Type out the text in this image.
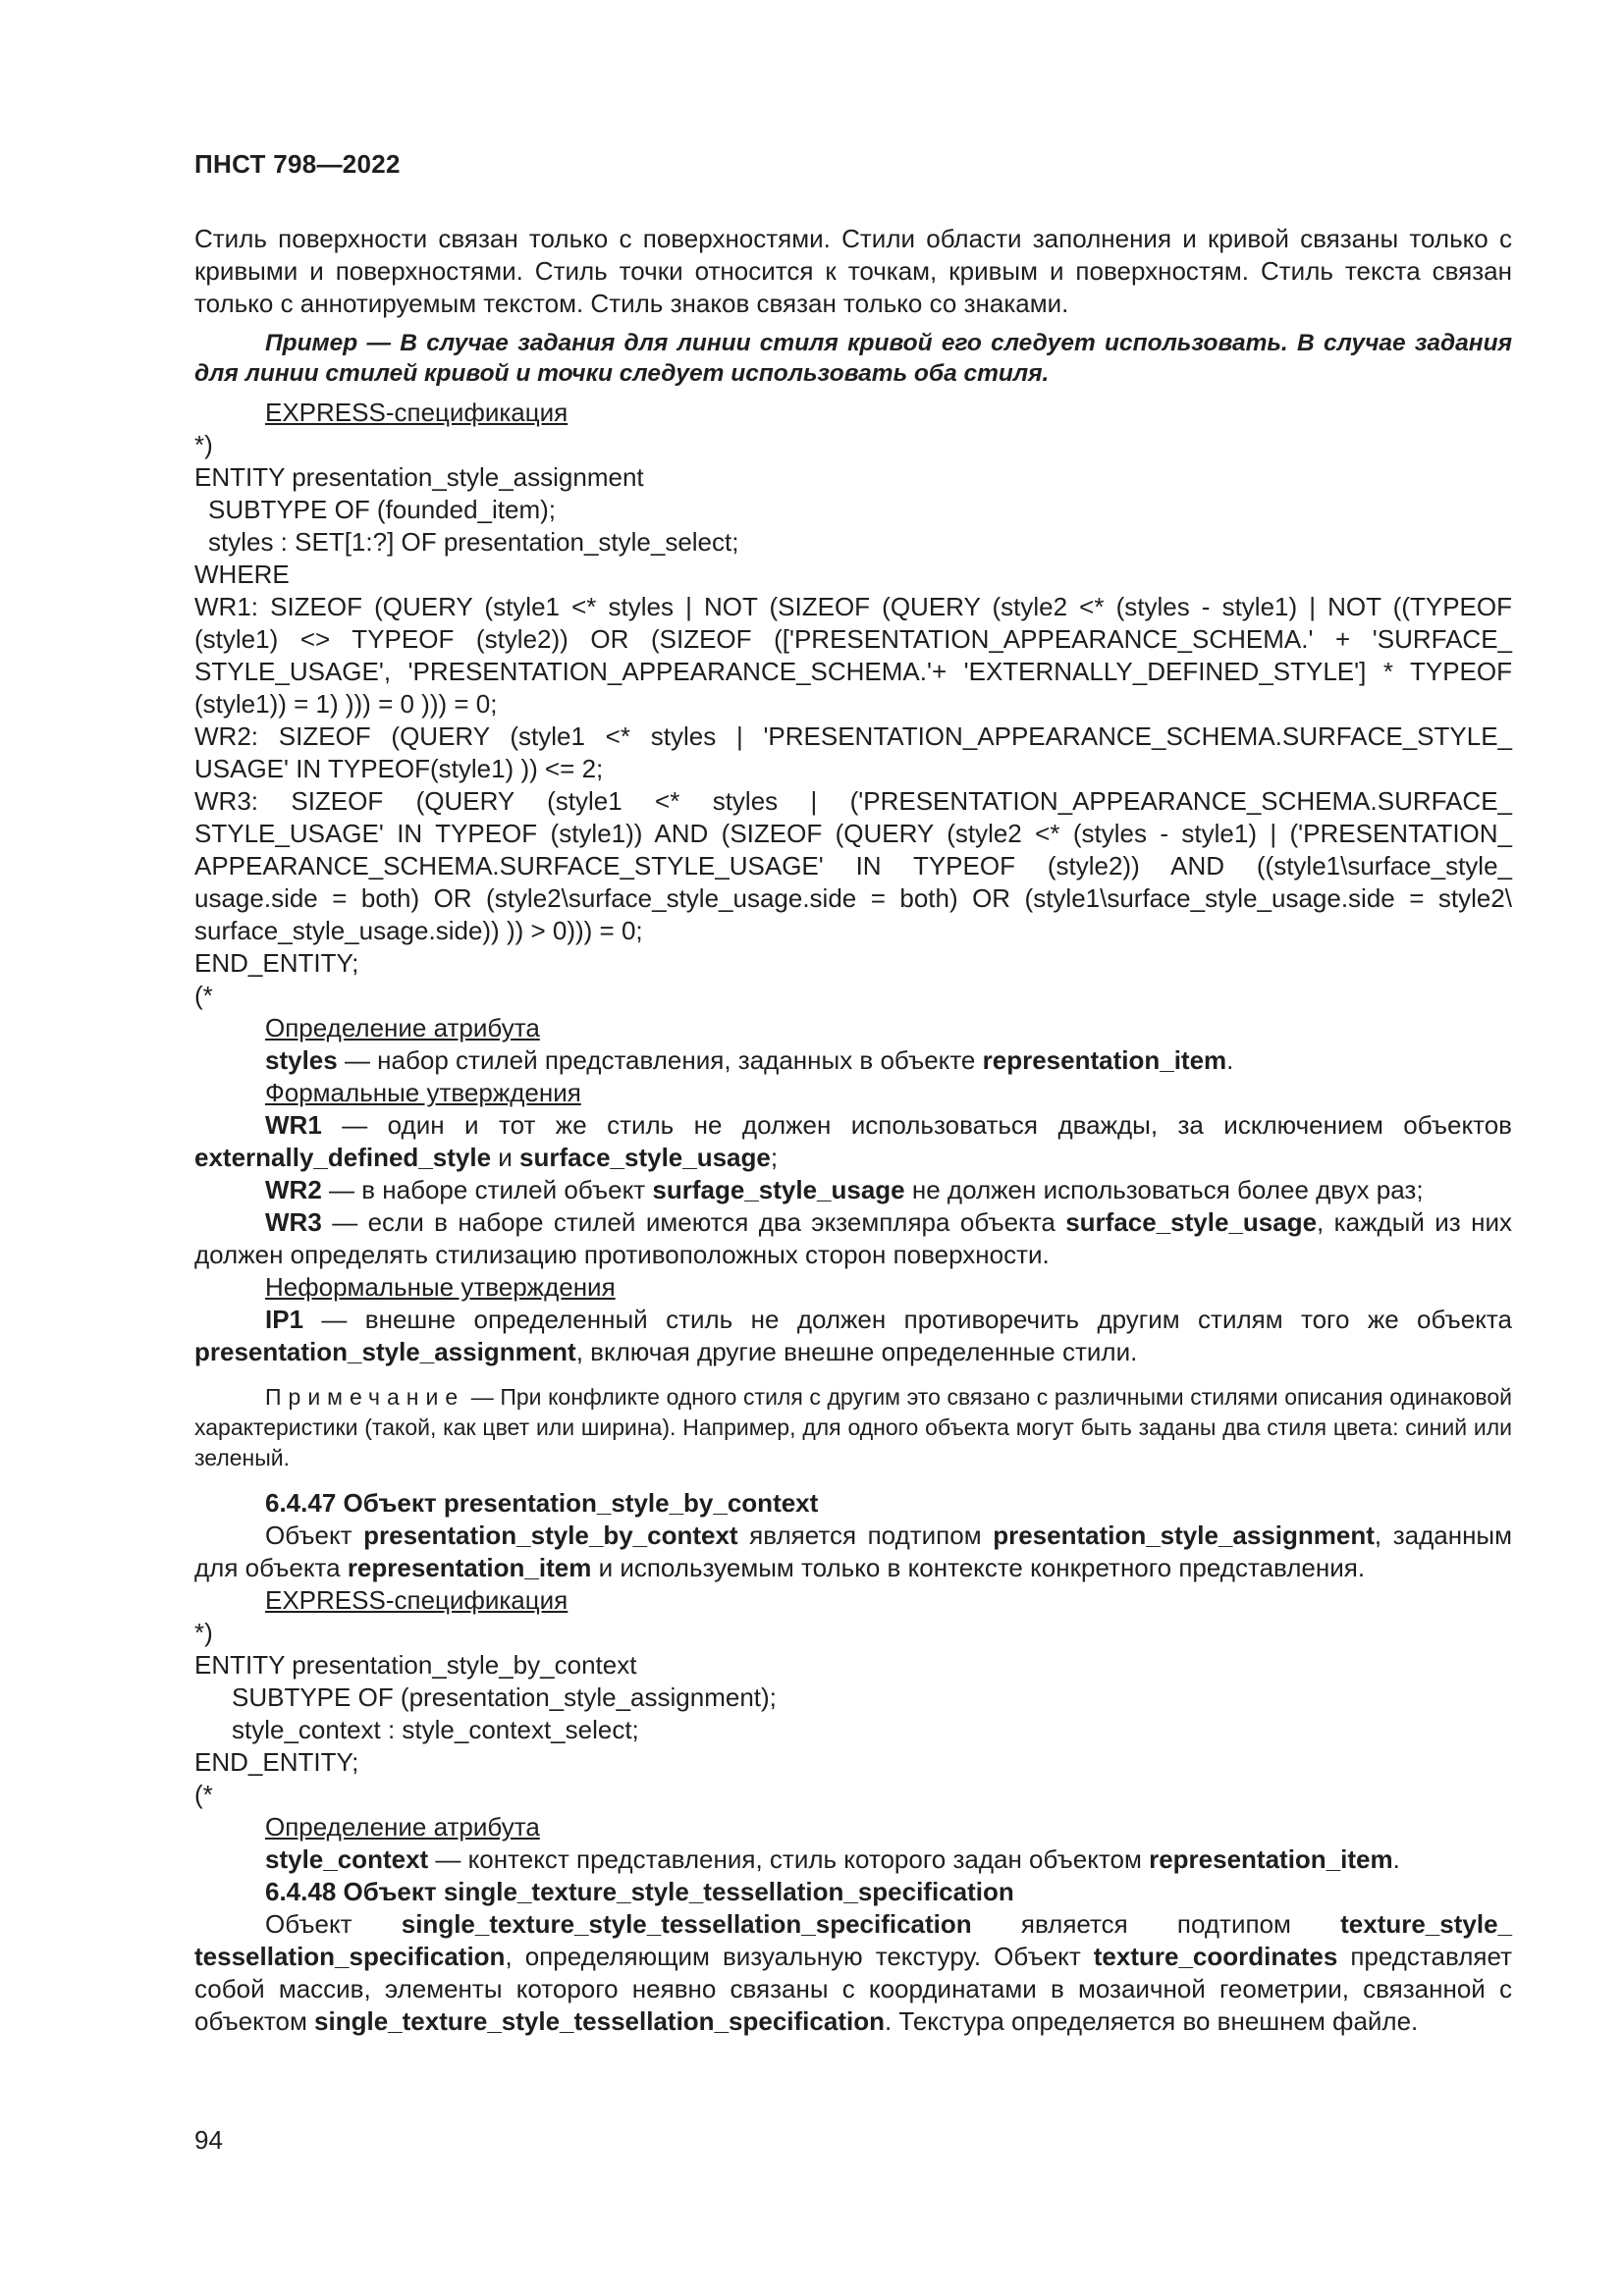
ПНСТ 798—2022

Стиль поверхности связан только с поверхностями. Стили области заполнения и кривой связаны только с кривыми и поверхностями. Стиль точки относится к точкам, кривым и поверхностям. Стиль текста связан только с аннотируемым текстом. Стиль знаков связан только со знаками.

Пример — В случае задания для линии стиля кривой его следует использовать. В случае задания для линии стилей кривой и точки следует использовать оба стиля.

EXPRESS-спецификация

*)
ENTITY presentation_style_assignment
SUBTYPE OF (founded_item);
styles : SET[1:?] OF presentation_style_select;
WHERE
WR1: SIZEOF (QUERY (style1 <* styles | NOT (SIZEOF (QUERY (style2 <* (styles - style1) | NOT ((TYPEOF (style1) <> TYPEOF (style2)) OR (SIZEOF (['PRESENTATION_APPEARANCE_SCHEMA.' + 'SURFACE_ STYLE_USAGE', 'PRESENTATION_APPEARANCE_SCHEMA.'+ 'EXTERNALLY_DEFINED_STYLE'] * TYPEOF (style1)) = 1) ))) = 0 ))) = 0;
WR2: SIZEOF (QUERY (style1 <* styles | 'PRESENTATION_APPEARANCE_SCHEMA.SURFACE_STYLE_ USAGE' IN TYPEOF(style1) )) <= 2;
WR3: SIZEOF (QUERY (style1 <* styles | ('PRESENTATION_APPEARANCE_SCHEMA.SURFACE_ STYLE_USAGE' IN TYPEOF (style1)) AND (SIZEOF (QUERY (style2 <* (styles - style1) | ('PRESENTATION_ APPEARANCE_SCHEMA.SURFACE_STYLE_USAGE' IN TYPEOF (style2)) AND ((style1\surface_style_ usage.side = both) OR (style2\surface_style_usage.side = both) OR (style1\surface_style_usage.side = style2\ surface_style_usage.side)) )) > 0))) = 0;
END_ENTITY;
(*

Определение атрибута

styles — набор стилей представления, заданных в объекте representation_item.

Формальные утверждения

WR1 — один и тот же стиль не должен использоваться дважды, за исключением объектов externally_defined_style и surface_style_usage;

WR2 — в наборе стилей объект surfage_style_usage не должен использоваться более двух раз;

WR3 — если в наборе стилей имеются два экземпляра объекта surface_style_usage, каждый из них должен определять стилизацию противоположных сторон поверхности.

Неформальные утверждения

IP1 — внешне определенный стиль не должен противоречить другим стилям того же объекта presentation_style_assignment, включая другие внешне определенные стили.

Примечание — При конфликте одного стиля с другим это связано с различными стилями описания одинаковой характеристики (такой, как цвет или ширина). Например, для одного объекта могут быть заданы два стиля цвета: синий или зеленый.

6.4.47 Объект presentation_style_by_context

Объект presentation_style_by_context является подтипом presentation_style_assignment, заданным для объекта representation_item и используемым только в контексте конкретного представления.

EXPRESS-спецификация

*)
ENTITY presentation_style_by_context
SUBTYPE OF (presentation_style_assignment);
style_context : style_context_select;
END_ENTITY;
(*

Определение атрибута

style_context — контекст представления, стиль которого задан объектом representation_item.

6.4.48 Объект single_texture_style_tessellation_specification

Объект single_texture_style_tessellation_specification является подтипом texture_style_ tessellation_specification, определяющим визуальную текстуру. Объект texture_coordinates представляет собой массив, элементы которого неявно связаны с координатами в мозаичной геометрии, связанной с объектом single_texture_style_tessellation_specification. Текстура определяется во внешнем файле.

94
